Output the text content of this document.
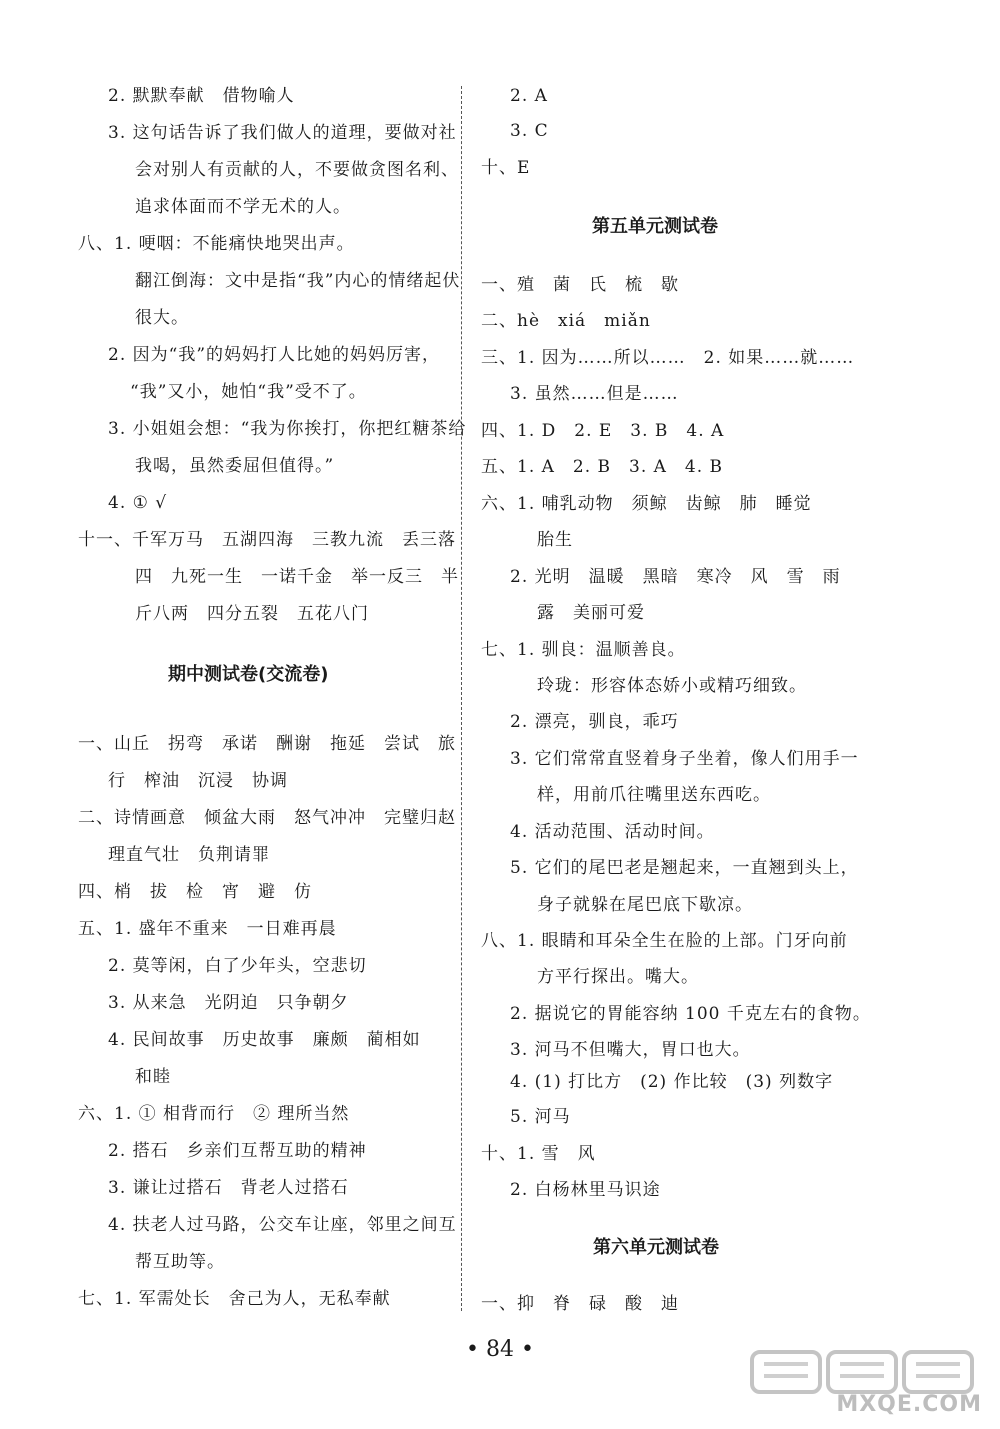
2. 默默奉献　借物喻人
3. 这句话告诉了我们做人的道理，要做对社
会对别人有贡献的人，不要做贪图名利、
追求体面而不学无术的人。
八、1. 哽咽：不能痛快地哭出声。
翻江倒海：文中是指“我”内心的情绪起伏
很大。
2. 因为“我”的妈妈打人比她的妈妈厉害，
“我”又小，她怕“我”受不了。
3. 小姐姐会想：“我为你挨打，你把红糖茶给
我喝，虽然委屈但值得。”
4. ① √
十一、千军万马　五湖四海　三教九流　丢三落
四　九死一生　一诺千金　举一反三　半
斤八两　四分五裂　五花八门
期中测试卷(交流卷)
一、山丘　拐弯　承诺　酬谢　拖延　尝试　旅
行　榨油　沉浸　协调
二、诗情画意　倾盆大雨　怒气冲冲　完璧归赵
理直气壮　负荆请罪
四、梢　拔　检　宵　避　仿
五、1. 盛年不重来　一日难再晨
2. 莫等闲，白了少年头，空悲切
3. 从来急　光阴迫　只争朝夕
4. 民间故事　历史故事　廉颇　蔺相如
和睦
六、1. ① 相背而行　② 理所当然
2. 搭石　乡亲们互帮互助的精神
3. 谦让过搭石　背老人过搭石
4. 扶老人过马路，公交车让座，邻里之间互
帮互助等。
七、1. 军需处长　舍己为人，无私奉献
2. A
3. C
十、E
第五单元测试卷
一、殖　菌　氏　梳　歇
二、hè　xiá　miǎn
三、1. 因为……所以……　2. 如果……就……
3. 虽然……但是……
四、1. D　2. E　3. B　4. A
五、1. A　2. B　3. A　4. B
六、1. 哺乳动物　须鲸　齿鲸　肺　睡觉
胎生
2. 光明　温暖　黑暗　寒冷　风　雪　雨
露　美丽可爱
七、1. 驯良：温顺善良。
玲珑：形容体态娇小或精巧细致。
2. 漂亮，驯良，乖巧
3. 它们常常直竖着身子坐着，像人们用手一
样，用前爪往嘴里送东西吃。
4. 活动范围、活动时间。
5. 它们的尾巴老是翘起来，一直翘到头上，
身子就躲在尾巴底下歇凉。
八、1. 眼睛和耳朵全生在脸的上部。门牙向前
方平行探出。嘴大。
2. 据说它的胃能容纳 100 千克左右的食物。
3. 河马不但嘴大，胃口也大。
4. (1) 打比方　(2) 作比较　(3) 列数字
5. 河马
十、1. 雪　风
2. 白杨林里马识途
第六单元测试卷
一、抑　脊　碌　酸　迪
• 84 •
MXQE.COM
